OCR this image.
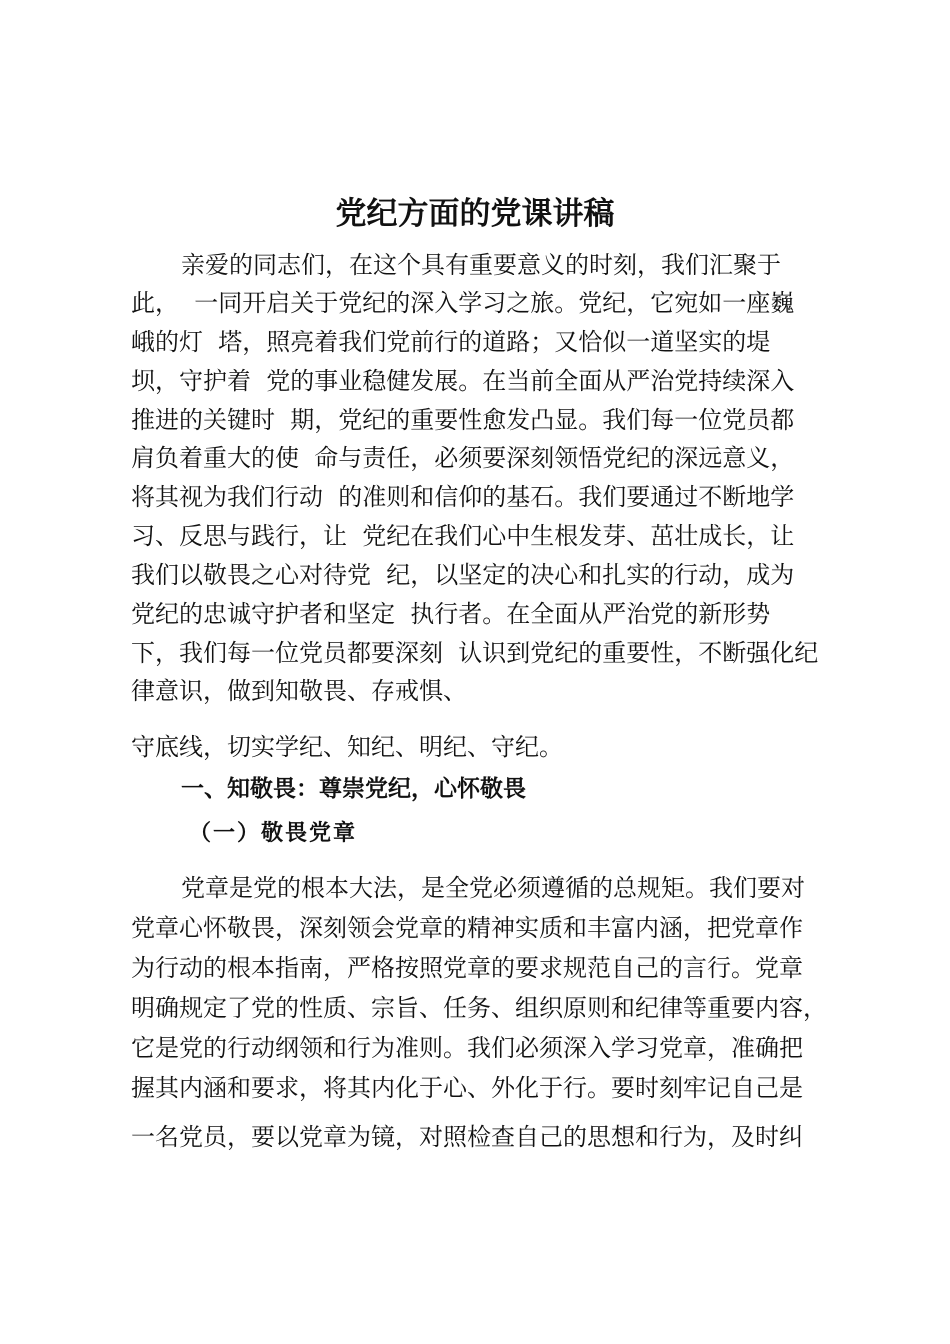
党纪方面的党课讲稿

亲爱的同志们，在这个具有重要意义的时刻，我们汇聚于

此，  一同开启关于党纪的深入学习之旅。党纪，它宛如一座巍

峨的灯  塔，照亮着我们党前行的道路；又恰似一道坚实的堤

坝，守护着  党的事业稳健发展。在当前全面从严治党持续深入

推进的关键时  期，党纪的重要性愈发凸显。我们每一位党员都

肩负着重大的使  命与责任，必须要深刻领悟党纪的深远意义，

将其视为我们行动  的准则和信仰的基石。我们要通过不断地学

习、反思与践行，让  党纪在我们心中生根发芽、茁壮成长，让

我们以敬畏之心对待党  纪，以坚定的决心和扎实的行动，成为

党纪的忠诚守护者和坚定  执行者。在全面从严治党的新形势

下，我们每一位党员都要深刻  认识到党纪的重要性，不断强化纪

律意识，做到知敬畏、存戒惧、

守底线，切实学纪、知纪、明纪、守纪。

一、知敬畏：尊崇党纪，心怀敬畏
（一）敬畏党章

党章是党的根本大法，是全党必须遵循的总规矩。我们要对

党章心怀敬畏，深刻领会党章的精神实质和丰富内涵，把党章作

为行动的根本指南，严格按照党章的要求规范自己的言行。党章

明确规定了党的性质、宗旨、任务、组织原则和纪律等重要内容，

它是党的行动纲领和行为准则。我们必须深入学习党章，准确把

握其内涵和要求，将其内化于心、外化于行。要时刻牢记自己是

一名党员，要以党章为镜，对照检查自己的思想和行为，及时纠
